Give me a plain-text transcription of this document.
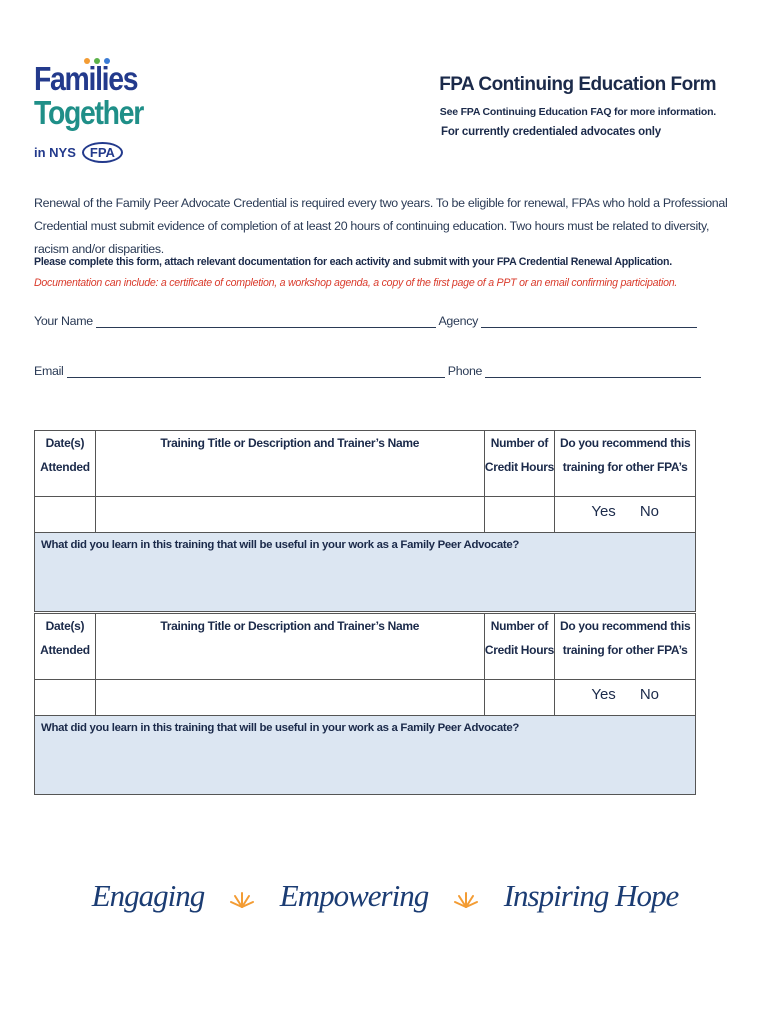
Families
Together
in NYS	FPA
FPA Continuing Education Form
See FPA Continuing Education FAQ for more information.
For currently credentialed advocates only
Renewal of the Family Peer Advocate Credential is required every two years. To be eligible for renewal, FPAs who hold a Professional Credential must submit evidence of completion of at least 20 hours of continuing education. Two hours must be related to diversity, racism and/or disparities.
Please complete this form, attach relevant documentation for each activity and submit with your FPA Credential Renewal Application. Documentation can include: a certificate of completion, a workshop agenda, a copy of the first page of a PPT or an email confirming participation.
Your Name	Agency
Email	Phone
Date(s) Attended	Training Title or Description and Trainer’s Name	Number of Credit Hours	Do you recommend this training for other FPA’s
			Yes No
What did you learn in this training that will be useful in your work as a Family Peer Advocate?			
Date(s) Attended	Training Title or Description and Trainer’s Name	Number of Credit Hours	Do you recommend this training for other FPA’s
			Yes No
What did you learn in this training that will be useful in your work as a Family Peer Advocate?			
Engaging Empowering Inspiring Hope
